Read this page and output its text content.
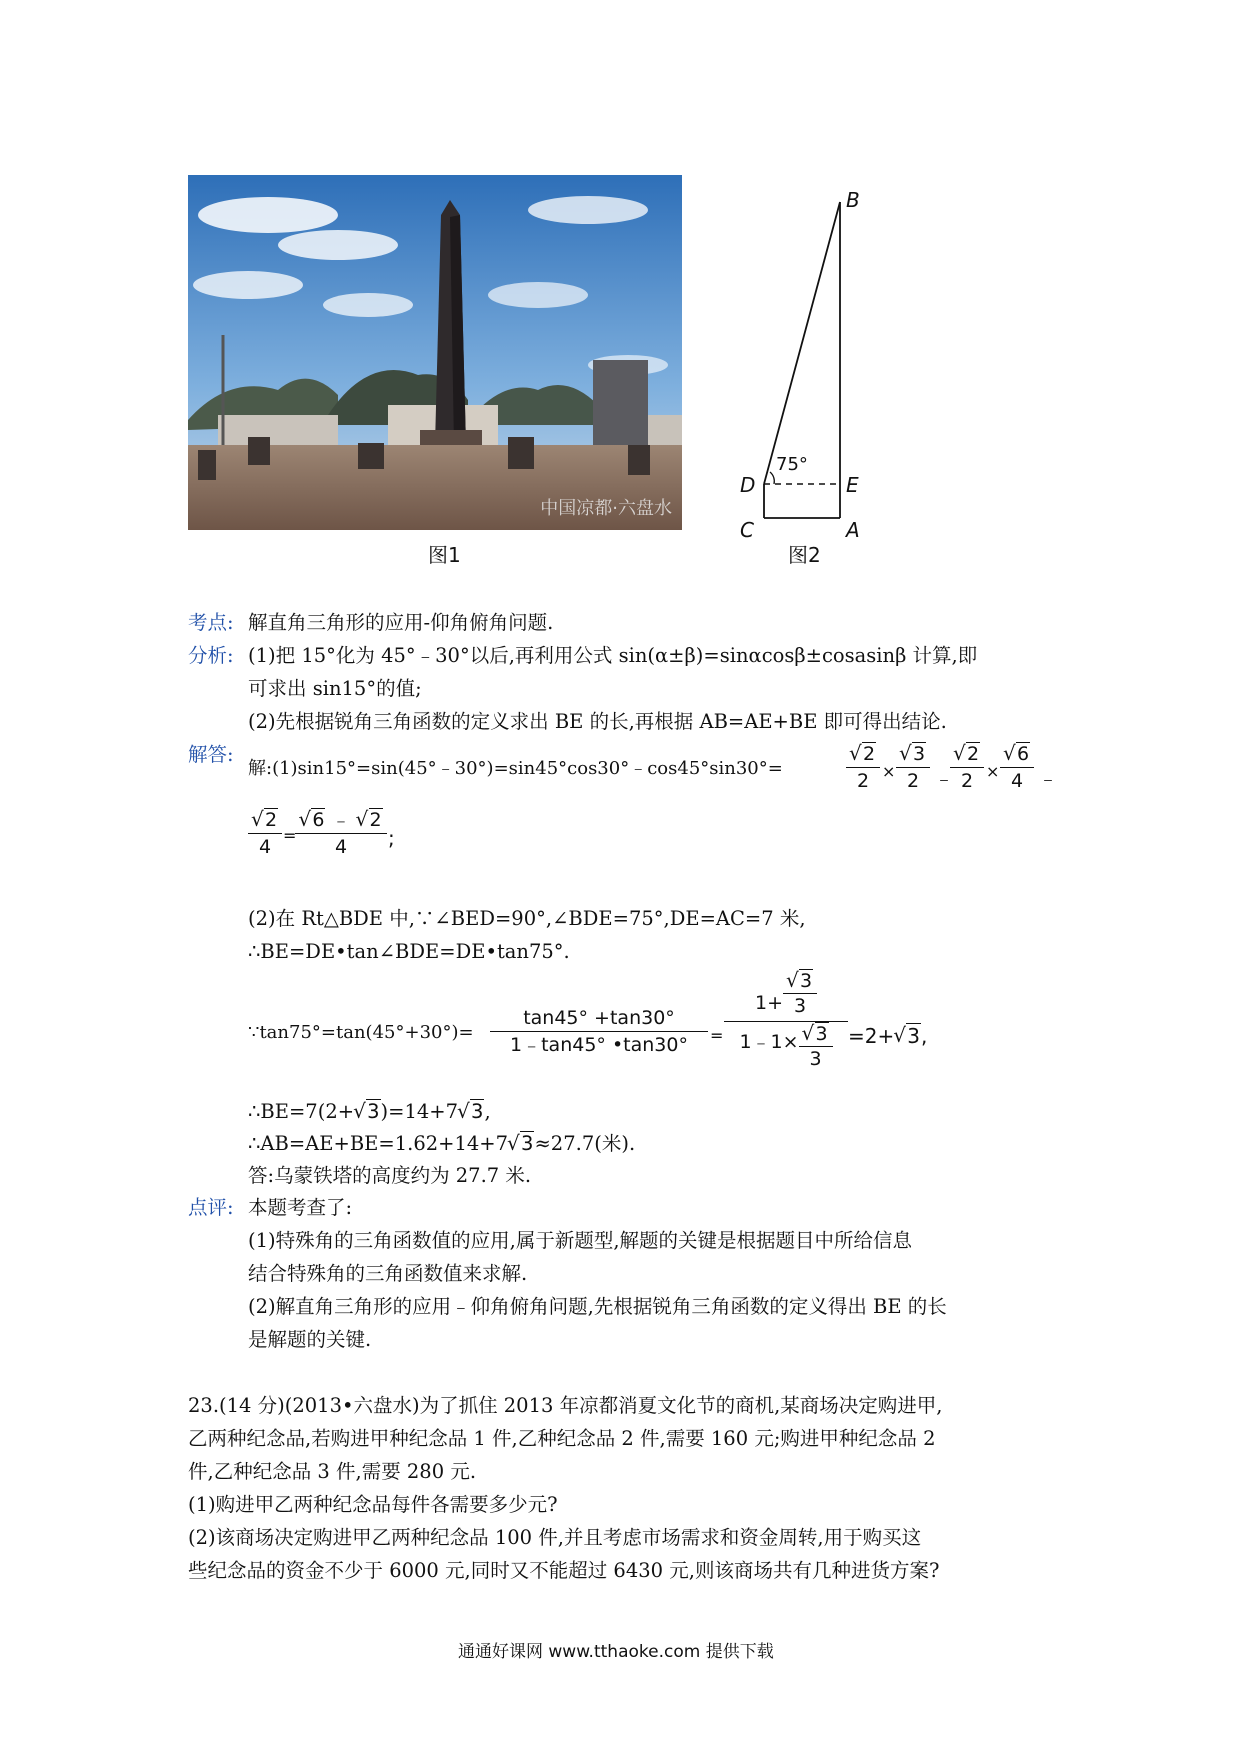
中国凉都·六盘水
图1
B
75°
D	E
C	A
图2
考点: 解直角三角形的应用-仰角俯角问题.
分析: (1)把 15°化为 45°﹣30°以后,再利用公式 sin(α±β)=sinαcosβ±cosasinβ 计算,即
可求出 sin15°的值;
(2)先根据锐角三角函数的定义求出 BE 的长,再根据 AB=AE+BE 即可得出结论.
解答:
解:(1)sin15°=sin(45°﹣30°)=sin45°cos30°﹣cos45°sin30°=
√ 2
2 ×
√ 3
2 ﹣
√ 2
2 ×
√ 6
4 ﹣
√ 2
4
=
√ 6 ﹣ √ 2
4	;
(2)在 Rt△BDE 中,∵∠BED=90°,∠BDE=75°,DE=AC=7 米,
∴BE=DE•tan∠BDE=DE•tan75°.
∵tan75°=tan(45°+30°)=
tan45° +tan30°
1﹣tan45° •tan30°	=
1+
√ $\frac{3}{3}$
1﹣1×
√ $\frac{3}{3} =2+√$ 3,
∴BE=7(2+√ 3)=14+7√ 3,
∴AB=AE+BE=1.62+14+7√ 3≈27.7(米).
答:乌蒙铁塔的高度约为 27.7 米.
点评: 本题考查了:
(1)特殊角的三角函数值的应用,属于新题型,解题的关键是根据题目中所给信息
结合特殊角的三角函数值来求解.
(2)解直角三角形的应用﹣仰角俯角问题,先根据锐角三角函数的定义得出 BE 的长
是解题的关键.
23.(14 分)(2013•六盘水)为了抓住 2013 年凉都消夏文化节的商机,某商场决定购进甲,
乙两种纪念品,若购进甲种纪念品 1 件,乙种纪念品 2 件,需要 160 元;购进甲种纪念品 2
件,乙种纪念品 3 件,需要 280 元.
(1)购进甲乙两种纪念品每件各需要多少元?
(2)该商场决定购进甲乙两种纪念品 100 件,并且考虑市场需求和资金周转,用于购买这
些纪念品的资金不少于 6000 元,同时又不能超过 6430 元,则该商场共有几种进货方案?
通通好课网 www.tthaoke.com 提供下载
